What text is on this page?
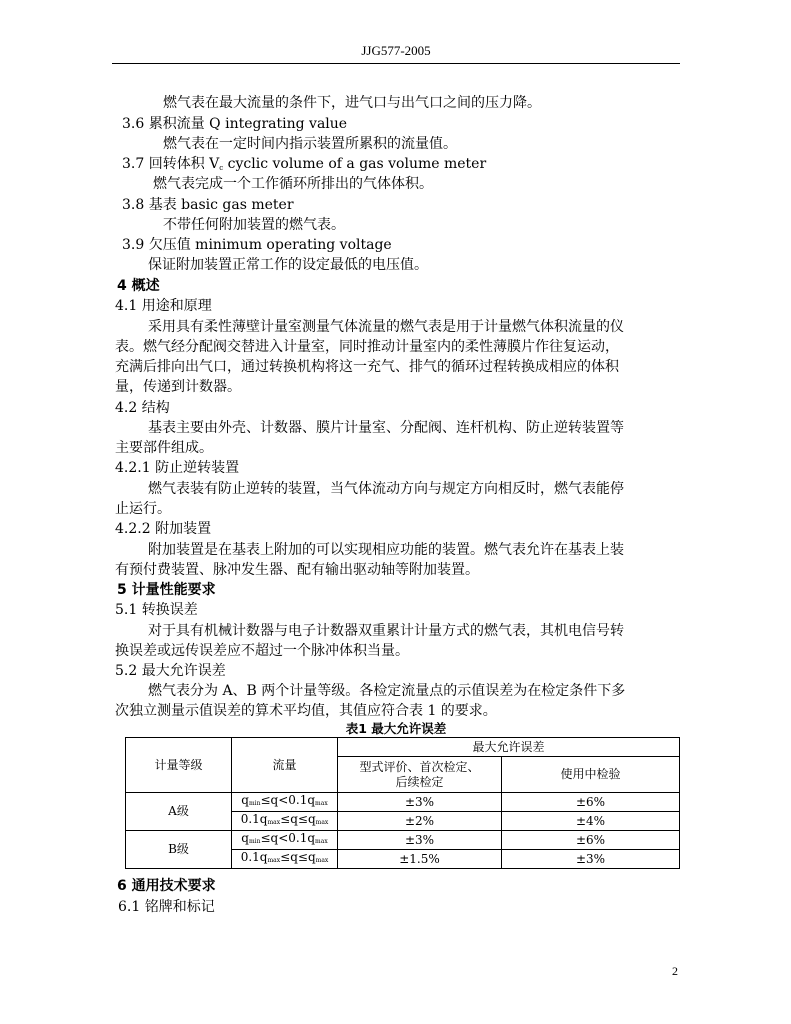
JJG577-2005
燃气表在最大流量的条件下，进气口与出气口之间的压力降。
3.6 累积流量 Q integrating value
燃气表在一定时间内指示装置所累积的流量值。
3.7 回转体积 $V_c$ cyclic volume of a gas volume meter
燃气表完成一个工作循环所排出的气体体积。
3.8 基表 basic gas meter
不带任何附加装置的燃气表。
3.9 欠压值 minimum operating voltage
保证附加装置正常工作的设定最低的电压值。
4 概述
4.1 用途和原理
采用具有柔性薄壁计量室测量气体流量的燃气表是用于计量燃气体积流量的仪
表。燃气经分配阀交替进入计量室，同时推动计量室内的柔性薄膜片作往复运动，
充满后排向出气口，通过转换机构将这一充气、排气的循环过程转换成相应的体积
量，传递到计数器。
4.2 结构
基表主要由外壳、计数器、膜片计量室、分配阀、连杆机构、防止逆转装置等
主要部件组成。
4.2.1 防止逆转装置
燃气表装有防止逆转的装置，当气体流动方向与规定方向相反时，燃气表能停
止运行。
4.2.2 附加装置
附加装置是在基表上附加的可以实现相应功能的装置。燃气表允许在基表上装
有预付费装置、脉冲发生器、配有输出驱动轴等附加装置。
5 计量性能要求
5.1 转换误差
对于具有机械计数器与电子计数器双重累计计量方式的燃气表，其机电信号转
换误差或远传误差应不超过一个脉冲体积当量。
5.2 最大允许误差
燃气表分为 A、B 两个计量等级。各检定流量点的示值误差为在检定条件下多
次独立测量示值误差的算术平均值，其值应符合表 1 的要求。
表1 最大允许误差
计量等级	流量	最大允许误差	

		型式评价、首次检定、
后续检定	使用中检验
A级	qmin≤q<0.1qmax	±3%	±6%
	0.1qmax≤q≤qmax	±2%	±4%
B级	qmin≤q<0.1qmax	±3%	±6%
	0.1qmax≤q≤qmax	±1.5%	±3%
6 通用技术要求
6.1 铭牌和标记
2
